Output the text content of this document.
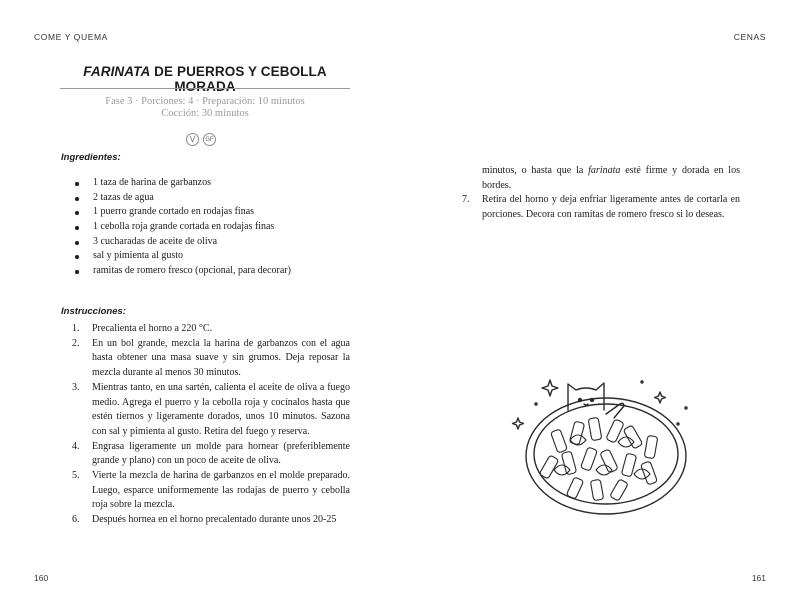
COME Y QUEMA
FARINATA DE PUERROS Y CEBOLLA MORADA
Fase 3 · Porciones: 4 · Preparación: 10 minutos
Cocción: 30 minutos
V	GF
Ingredientes:
1 taza de harina de garbanzos
2 tazas de agua
1 puerro grande cortado en rodajas finas
1 cebolla roja grande cortada en rodajas finas
3 cucharadas de aceite de oliva
sal y pimienta al gusto
ramitas de romero fresco (opcional, para decorar)
Instrucciones:
1. Precalienta el horno a 220 °C.
2. En un bol grande, mezcla la harina de garbanzos con el agua hasta obtener una masa suave y sin grumos. Deja reposar la mezcla durante al menos 30 minutos.
3. Mientras tanto, en una sartén, calienta el aceite de oliva a fuego medio. Agrega el puerro y la cebolla roja y cocínalos hasta que estén tiernos y ligeramente dorados, unos 10 minutos. Sazona con sal y pimienta al gusto. Retira del fuego y reserva.
4. Engrasa ligeramente un molde para hornear (preferiblemente grande y plano) con un poco de aceite de oliva.
5. Vierte la mezcla de harina de garbanzos en el molde preparado. Luego, esparce uniformemente las rodajas de puerro y cebolla roja sobre la mezcla.
6. Después hornea en el horno precalentado durante unos 20-25
160
CENAS
161
minutos, o hasta que la farinata esté firme y dorada en los bordes.
7. Retira del horno y deja enfriar ligeramente antes de cortarla en porciones. Decora con ramitas de romero fresco si lo deseas.
